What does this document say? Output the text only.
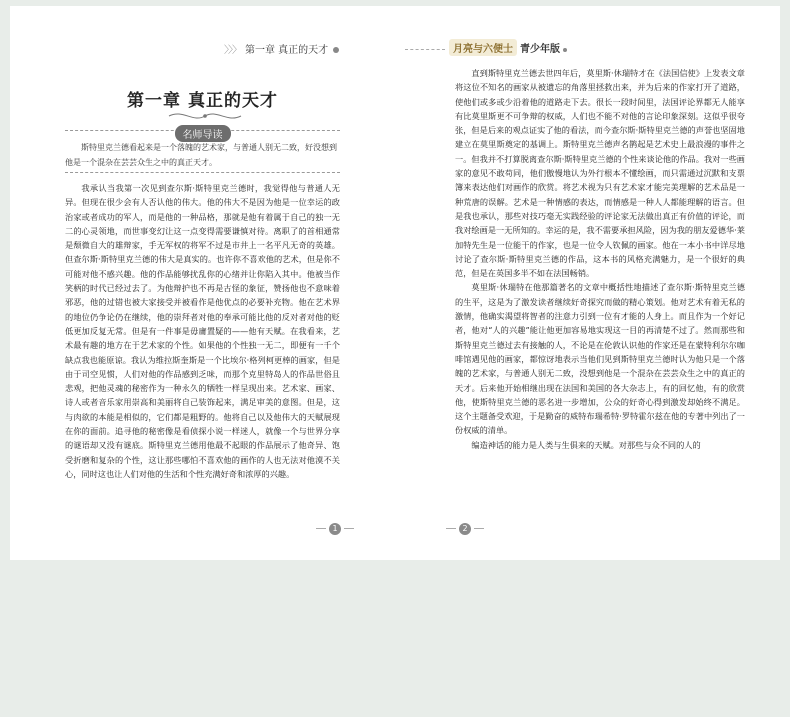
〉〉〉 第一章 真正的天才
第一章 真正的天才
名师导读
斯特里克兰德看起来是一个落魄的艺术家，与普通人别无二致，好没想到他是一个混杂在芸芸众生之中的真正天才。

我承认当我第一次见到查尔斯·斯特里克兰德时，我觉得他与普通人无异。但现在很少会有人否认他的伟大。他的伟大不是因为他是一位幸运的政治家或者成功的军人，而是他的一种品格，那就是他有着属于自己的独一无二的心灵领地，而世事变幻让这一点变得需要谦慎对待。离职了的首相通常是颓微自大的雄辩家，手无军权的将军不过是市井上一名平凡无奇的英雄。但查尔斯·斯特里克兰德的伟大是真实的。也许你不喜欢他的艺术，但是你不可能对他不感兴趣。他的作品能够扰乱你的心绪并让你陷入其中。他被当作笑柄的时代已经过去了。为他辩护也不再是古怪的象征，赞扬他也不意味着邪恶，他的过错也被大家接受并被看作是他优点的必要补充物。他在艺术界的地位仍争论仍在继续，他的崇拜者对他的奉承可能比他的反对者对他的贬低更加反复无常。但是有一件事是毋庸置疑的——他有天赋。在我看来，艺术最有趣的地方在于艺术家的个性。如果他的个性独一无二，即便有一千个缺点我也能原谅。我认为维拉斯奎斯是一个比埃尔·格列柯更棒的画家，但是由于司空见惯，人们对他的作品感到乏味，而那个克里特岛人的作品世俗且悲观，把他灵魂的秘密作为一种永久的牺牲一样呈现出来。艺术家、画家、诗人或者音乐家用崇高和美丽将自己装饰起来，满足审美的意图。但是，这与肉欲的本能是相似的，它们都是粗野的。他将自己以及他伟大的天赋展现在你的面前。追寻他的秘密像是看侦探小说一样迷人，就像一个与世界分享的谜语却又没有谜底。斯特里克兰德用他最不起眼的作品展示了他奇异、饱受折磨和复杂的个性，这让那些哪怕不喜欢他的画作的人也无法对他漠不关心，同时这也让人们对他的生活和个性充满好奇和浓厚的兴趣。

1
月亮与六便士 青少年版

直到斯特里克兰德去世四年后，莫里斯·休瑞特才在《法国信使》上发表文章将这位不知名的画家从被遗忘的角落里拯救出来，并为后来的作家打开了道路，使他们或多或少沿着他的道路走下去。很长一段时间里，法国评论界都无人能享有比莫里斯更不可争辩的权威，人们也不能不对他的言论印象深刻。这似乎很夸张，但是后来的观点证实了他的看法，而今查尔斯·斯特里克兰德的声誉也坚固地建立在莫里斯奠定的基调上。斯特里克兰德声名鹊起是艺术史上最浪漫的事件之一。但我并不打算脱离查尔斯·斯特里克兰德的个性来谈论他的作品。我对一些画家的意见不敢苟同，他们傲慢地认为外行根本不懂绘画，而只需通过沉默和支票簿来表达他们对画作的欣赏。将艺术视为只有艺术家才能完美理解的艺术品是一种荒唐的误解。艺术是一种情感的表达，而情感是一种人人都能理解的语言。但是我也承认，那些对技巧毫无实践经验的评论家无法做出真正有价值的评论，而我对绘画是一无所知的。幸运的是，我不需要承担风险，因为我的朋友爱德华·莱加特先生是一位能干的作家，也是一位令人钦佩的画家。他在一本小书中详尽地讨论了查尔斯·斯特里克兰德的作品，这本书的风格充满魅力，是一个很好的典范，但是在英国多半不如在法国畅销。

莫里斯·休瑞特在他那篇著名的文章中概括性地描述了查尔斯·斯特里克兰德的生平，这是为了激发读者继续好奇探究而做的精心策划。他对艺术有着无私的激情，他确实渴望将智者的注意力引到一位有才能的人身上。而且作为一个好记者，他对“人的兴趣”能让他更加容易地实现这一目的再清楚不过了。然而那些和斯特里克兰德过去有接触的人，不论是在伦敦认识他的作家还是在蒙特利尔尔咖啡馆遇见他的画家，都惊讶地表示当他们见到斯特里克兰德时认为他只是一个落魄的艺术家，与普通人别无二致，没想到他是一个混杂在芸芸众生之中的真正的天才。后来他开始相继出现在法国和美国的各大杂志上，有的回忆他，有的欣赏他，使斯特里克兰德的恶名进一步增加，公众的好奇心得到激发却始终不满足。这个主题备受欢迎，于是勤奋的威特布瑞希特·罗特霍尔兹在他的专著中列出了一份权威的清单。

编造神话的能力是人类与生俱来的天赋。对那些与众不同的人的

2
